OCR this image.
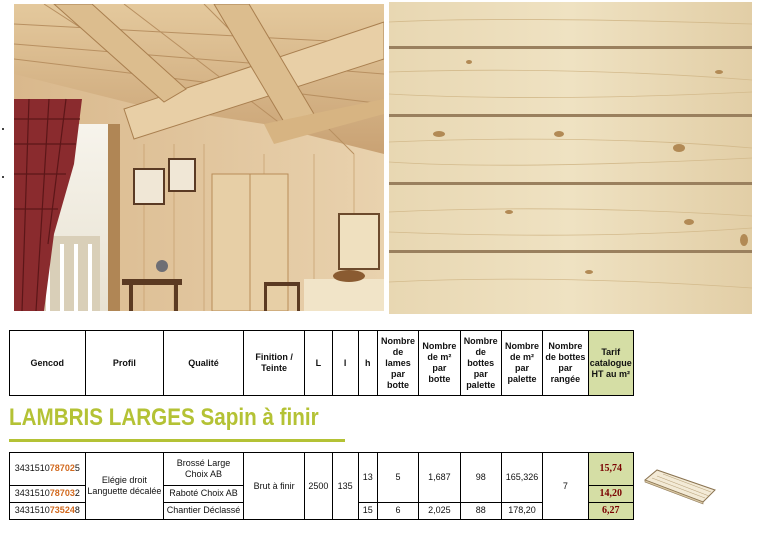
Gencod	Profil	Qualité	Finition / Teinte	L	l	h	Nombre de lames par botte	Nombre de m² par botte	Nombre de bottes par palette	Nombre de m² par palette	Nombre de bottes par rangée	Tarif catalogue HT au m²
LAMBRIS LARGES Sapin à finir
3431510787025	Elégie droit Languette décalée	Brossé Large Choix AB	Brut à finir	2500	135	13	5	1,687	98	165,326	7	15,74
3431510787032		Raboté Choix AB										14,20
3431510735248		Chantier Déclassé				15	6	2,025	88	178,20		6,27
